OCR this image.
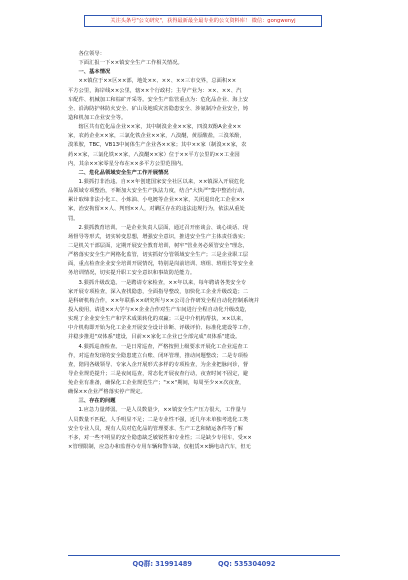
关注头条号"公文研究"，获得最新最全最专业的公文资料库！ 微信：gongwenyj
各位领导：
下面汇报一下××镇安全生产工作相关情况。
一、基本情况
××镇位于××区××部，地处××、××、××三市交界，总面积××
平方公里，海岸线××公里，辖××个行政村；主导产业为：××、××、汽
车配件、机械加工和棕矿开采等。安全生产监管重点为：危化品企业、海上安
全、沿海防护林防火安全、矿山及地质灾害隐患安全、涉氨制冷企业安全，铸
造和机加工企业安全等。
辖区共有危化品企业××家，其中制溴企业××家，四溴双酚A企业××
家，农药企业××家，三氯化铁企业××家，八溴醚，黄原酸盐，三溴苯酚，
溴苯胺，TBC，VB13中间体生产企业各××家；其中××家（制溴××家，农
药××家，三氯化铁××家，八溴醚××家）位于××平方公里的××工业园
内，其余××家零星分布在××多平方公里范围内。
二、危化品领域安全生产工作开展情况
1.狠抓打非治违。自××年创建国家安全社区以来，××镇深入开展危化
品领域专项整治，不断加大安全生产执法力度，结合"大快严"集中整治行动，
累计取缔非法小化工、小炼油、小电镀等企业××家，关闭退出化工企业××
家，治安拘留××人、判刑××人，对瞒区存在的违法违规行为，依法从重处
罚。
2.狠抓教育培训。一是企业负责人层面，通过召开座谈会、谈心谈话、现
场督导等形式，切实转变思想，增强安全意识，推进安全生产主体责任落实；
二是机关干部层面，定期开展安全教育培训，树牢"管业务必须管安全"理念，
严格落实安全生产网格化监管，切实抓好分管领域安全生产；三是企业职工层
面，重点检查企业安全培训开展情况，特别是岗前培训、班组、班组长等安全业
务培训情况，切实提升职工安全意识和事故防范能力。
3.狠抓升级改造。一是聘请专家检查，××年以来，每年聘请各类安全专
家开展专项检查，深入查找隐患，全面指导整改，加快化工企业升级改造；二
是科研机构合作，××年联系××研究所与××公司合作研发全程自动化控制系统并
投入使用，请进××大学与××企业合作对生产车间进行全程自动化升级改造，
实现了企业安全生产和学术成果转化的双赢；三是中介机构帮扶，××以来，
中介机构即开始为化工企业开展安全设计诊断、评级评价、标准化建设等工作，
并稳步推进"双体系"建设，目前××家化工企业已全部完成"双体系"建设。
4.狠抓巡查检查。一是日常巡查，严格按照上级要求开展化工企业巡查工
作，对巡查发现的安全隐患建立台账、闭环管理，推动问题整改；二是专项检
查，陪同各级领导、专家入企开展形式多样的专项检查，为企业把脉问诊，督
导企业规范提升；三是夜间巡查，常态化开展夜查行动，夜查时间不固定，避
免企业有准备，确保化工企业规范生产；"××"期间，每周至少××次夜查，
确保××企业严格落实停产规定。
三、存在的问题
1.应急力量薄弱。一是人员数量少，××镇安全生产压力很大，工作量与
人员数量不匹配，人手明显不足；二是专业性不强，近几年未单独考选化工类
安全专业人员，现有人员对危化品的管理要求、生产工艺和储运条件等了解
不多，对一些不明显的安全隐患缺乏敏锐性和专业性；三是缺少专用车，受××
×管理限制，应急办和监督办专用车辆和警车缺，仅租赁××辆电动汽车，但无
QQ群: 31991489	QQ: 535304092
